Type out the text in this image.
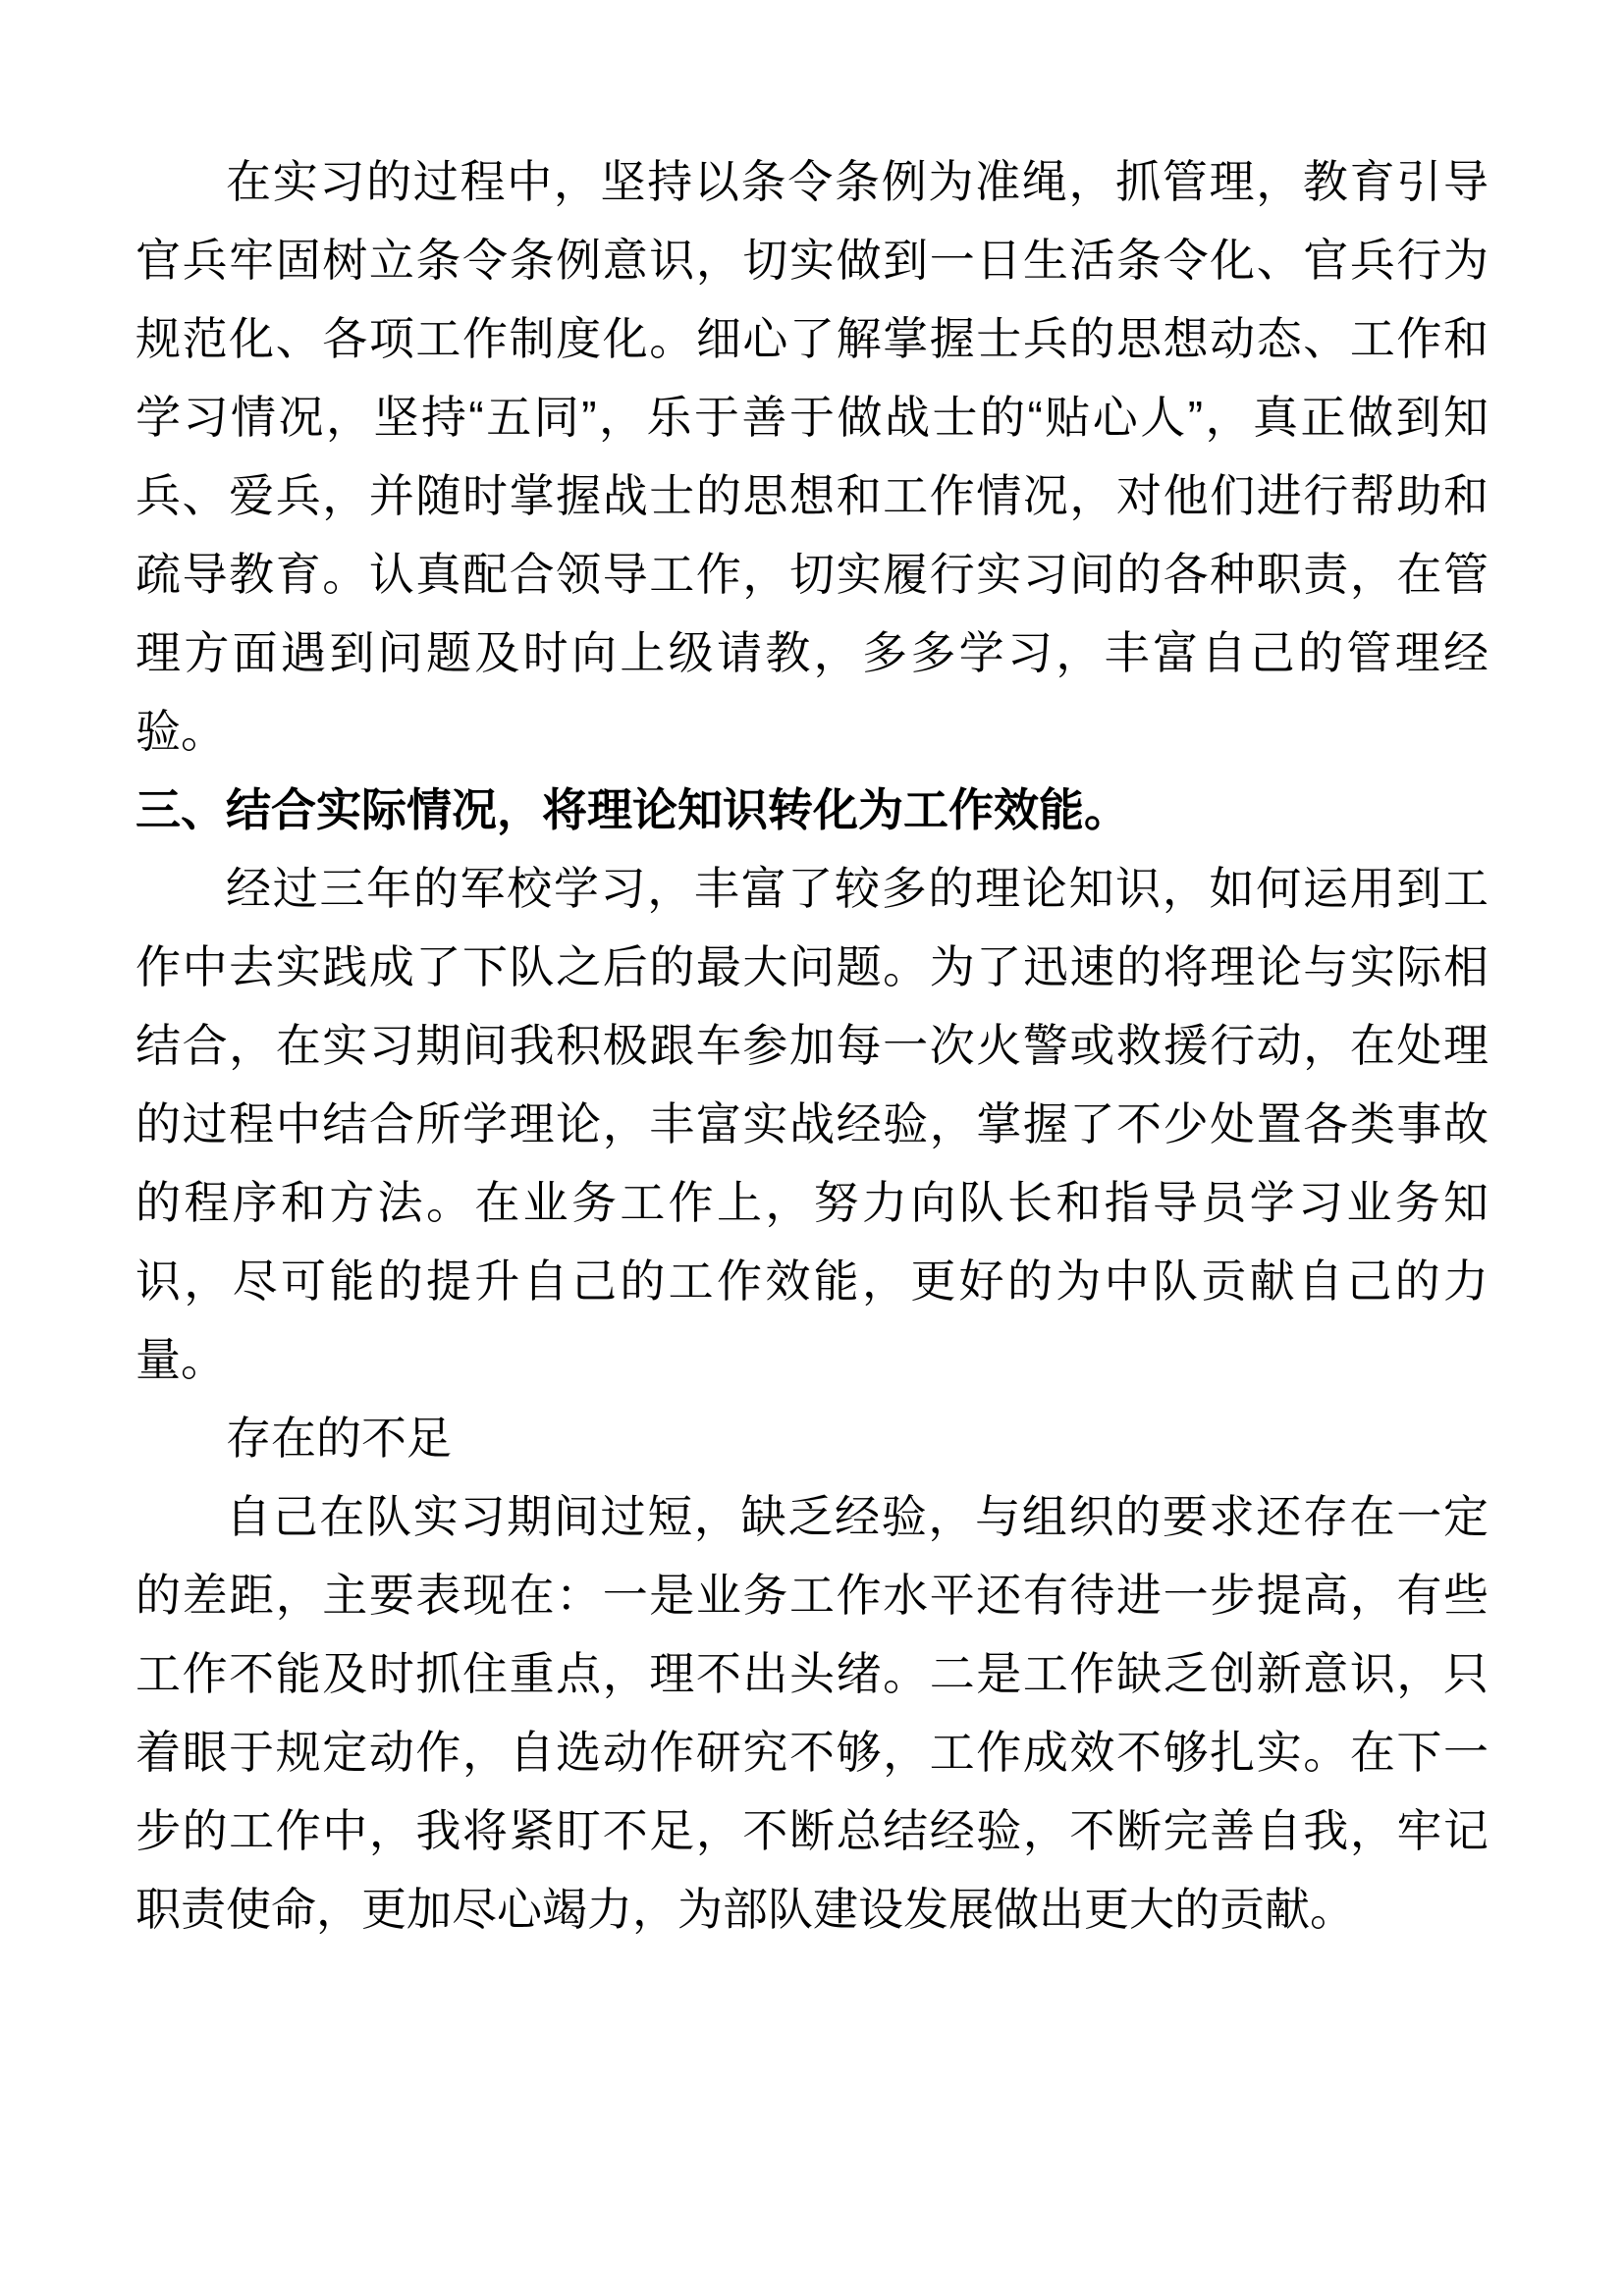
在实习的过程中，坚持以条令条例为准绳，抓管理，教育引导官兵牢固树立条令条例意识，切实做到一日生活条令化、官兵行为规范化、各项工作制度化。细心了解掌握士兵的思想动态、工作和学习情况，坚持“五同”，乐于善于做战士的“贴心人”，真正做到知兵、爱兵，并随时掌握战士的思想和工作情况，对他们进行帮助和疏导教育。认真配合领导工作，切实履行实习间的各种职责，在管理方面遇到问题及时向上级请教，多多学习，丰富自己的管理经验。

三、结合实际情况，将理论知识转化为工作效能。

经过三年的军校学习，丰富了较多的理论知识，如何运用到工作中去实践成了下队之后的最大问题。为了迅速的将理论与实际相结合，在实习期间我积极跟车参加每一次火警或救援行动，在处理的过程中结合所学理论，丰富实战经验，掌握了不少处置各类事故的程序和方法。在业务工作上，努力向队长和指导员学习业务知识，尽可能的提升自己的工作效能，更好的为中队贡献自己的力量。

存在的不足

自己在队实习期间过短，缺乏经验，与组织的要求还存在一定的差距，主要表现在：一是业务工作水平还有待进一步提高，有些工作不能及时抓住重点，理不出头绪。二是工作缺乏创新意识，只着眼于规定动作，自选动作研究不够，工作成效不够扎实。在下一步的工作中，我将紧盯不足，不断总结经验，不断完善自我，牢记职责使命，更加尽心竭力，为部队建设发展做出更大的贡献。
